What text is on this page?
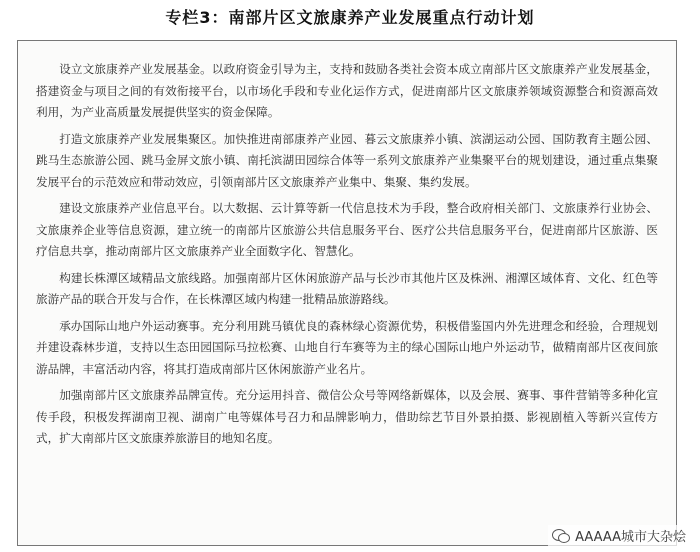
专栏3：南部片区文旅康养产业发展重点行动计划

设立文旅康养产业发展基金。以政府资金引导为主，支持和鼓励各类社会资本成立南部片区文旅康养产业发展基金，搭建资金与项目之间的有效衔接平台，以市场化手段和专业化运作方式，促进南部片区文旅康养领域资源整合和资源高效利用，为产业高质量发展提供坚实的资金保障。

打造文旅康养产业发展集聚区。加快推进南部康养产业园、暮云文旅康养小镇、滨湖运动公园、国防教育主题公园、跳马生态旅游公园、跳马金屏文旅小镇、南托滨湖田园综合体等一系列文旅康养产业集聚平台的规划建设，通过重点集聚发展平台的示范效应和带动效应，引领南部片区文旅康养产业集中、集聚、集约发展。

建设文旅康养产业信息平台。以大数据、云计算等新一代信息技术为手段，整合政府相关部门、文旅康养行业协会、文旅康养企业等信息资源，建立统一的南部片区旅游公共信息服务平台、医疗公共信息服务平台，促进南部片区旅游、医疗信息共享，推动南部片区文旅康养产业全面数字化、智慧化。

构建长株潭区域精品文旅线路。加强南部片区休闲旅游产品与长沙市其他片区及株洲、湘潭区域体育、文化、红色等旅游产品的联合开发与合作，在长株潭区域内构建一批精品旅游路线。

承办国际山地户外运动赛事。充分利用跳马镇优良的森林绿心资源优势，积极借鉴国内外先进理念和经验，合理规划并建设森林步道，支持以生态田园国际马拉松赛、山地自行车赛等为主的绿心国际山地户外运动节，做精南部片区夜间旅游品牌，丰富活动内容，将其打造成南部片区休闲旅游产业名片。

加强南部片区文旅康养品牌宣传。充分运用抖音、微信公众号等网络新媒体，以及会展、赛事、事件营销等多种化宣传手段，积极发挥湖南卫视、湖南广电等媒体号召力和品牌影响力，借助综艺节目外景拍摄、影视剧植入等新兴宣传方式，扩大南部片区文旅康养旅游目的地知名度。

AAAAA城市大杂烩
